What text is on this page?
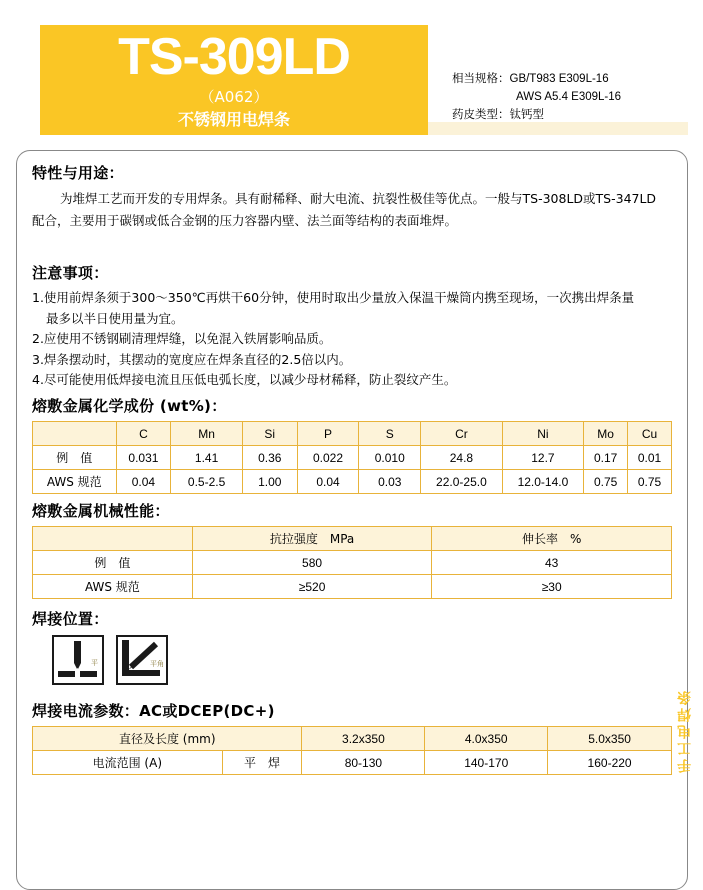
TS-309LD
（A062）
不锈钢用电焊条
相当规格：GB/T983 E309L-16
AWS A5.4 E309L-16
药皮类型：钛钙型
特性与用途：
为堆焊工艺而开发的专用焊条。具有耐稀释、耐大电流、抗裂性极佳等优点。一般与TS-308LD或TS-347LD
配合，主要用于碳钢或低合金钢的压力容器内壁、法兰面等结构的表面堆焊。
注意事项：
1.使用前焊条须于300～350℃再烘干60分钟，使用时取出少量放入保温干燥筒内携至现场，一次携出焊条量
最多以半日使用量为宜。
2.应使用不锈钢刷清理焊缝，以免混入铁屑影响品质。
3.焊条摆动时，其摆动的宽度应在焊条直径的2.5倍以内。
4.尽可能使用低焊接电流且压低电弧长度，以减少母材稀释，防止裂纹产生。
熔敷金属化学成份 (wt%)：
	C	Mn	Si	P	S	Cr	Ni	Mo	Cu
例　值	0.031	1.41	0.36	0.022	0.010	24.8	12.7	0.17	0.01
AWS 规范	0.04	0.5-2.5	1.00	0.04	0.03	22.0-25.0	12.0-14.0	0.75	0.75
熔敷金属机械性能：
	抗拉强度　MPa	伸长率　%
例　值	580	43
AWS 规范	≥520	≥30
焊接位置：
平	平角
焊接电流参数：AC或DCEP(DC+)
直径及长度 (mm)		3.2x350	4.0x350	5.0x350
电流范围 (A)	平　焊	80-130	140-170	160-220	手工电焊条
